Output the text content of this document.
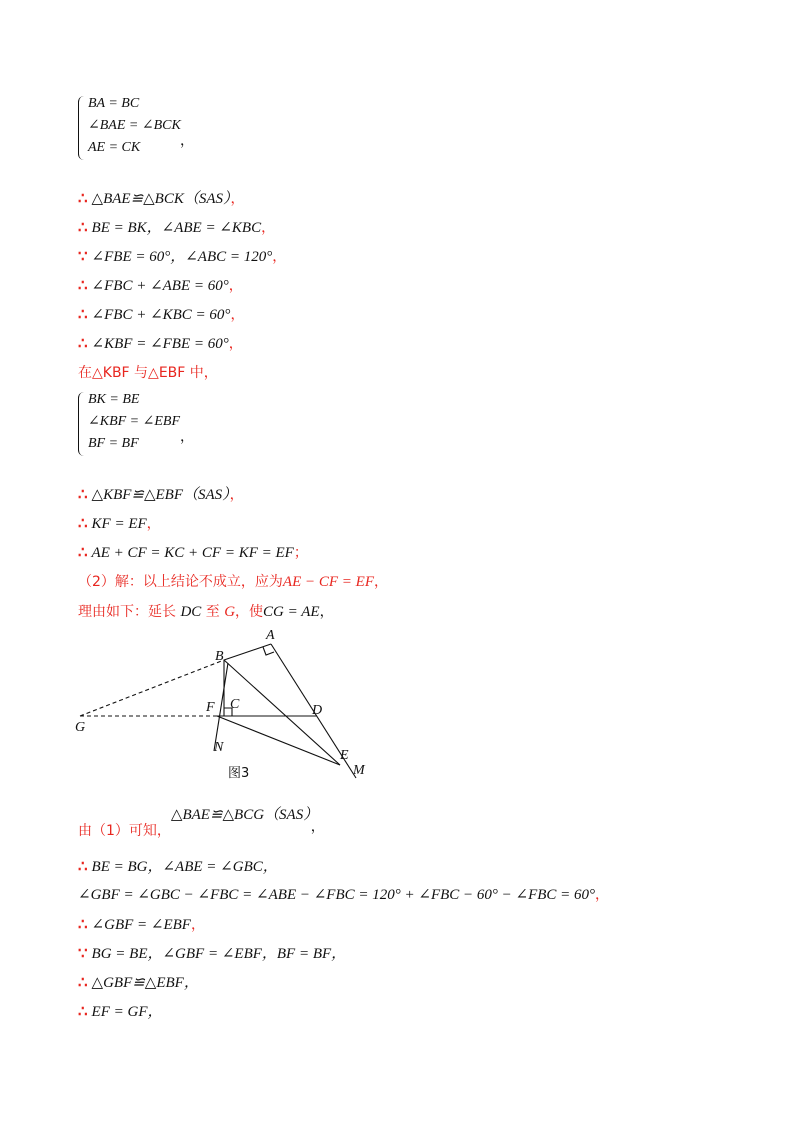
BA = BC
∠BAE = ∠BCK
AE = CK	，
∴ △BAE≌△BCK（SAS），
∴ BE = BK，∠ABE = ∠KBC，
∵ ∠FBE = 60°，∠ABC = 120°，
∴ ∠FBC + ∠ABE = 60°，
∴ ∠FBC + ∠KBC = 60°，
∴ ∠KBF = ∠FBE = 60°，
在△KBF 与△EBF 中，
BK = BE
∠KBF = ∠EBF
BF = BF	，
∴ △KBF≌△EBF（SAS），
∴ KF = EF，
∴ AE + CF = KC + CF = KF = EF；
（2）解：以上结论不成立，应为AE − CF = EF，
理由如下：延长 DC 至 G，使CG = AE，
A
B
C	D
E
F
G
N
M
图3
由（1）可知，△BAE≌△BCG（SAS），
∴ BE = BG，∠ABE = ∠GBC，
∠GBF = ∠GBC − ∠FBC = ∠ABE − ∠FBC = 120° + ∠FBC − 60° − ∠FBC = 60°，
∴ ∠GBF = ∠EBF，
∵ BG = BE，∠GBF = ∠EBF，BF = BF，
∴ △GBF≌△EBF，
∴ EF = GF，
